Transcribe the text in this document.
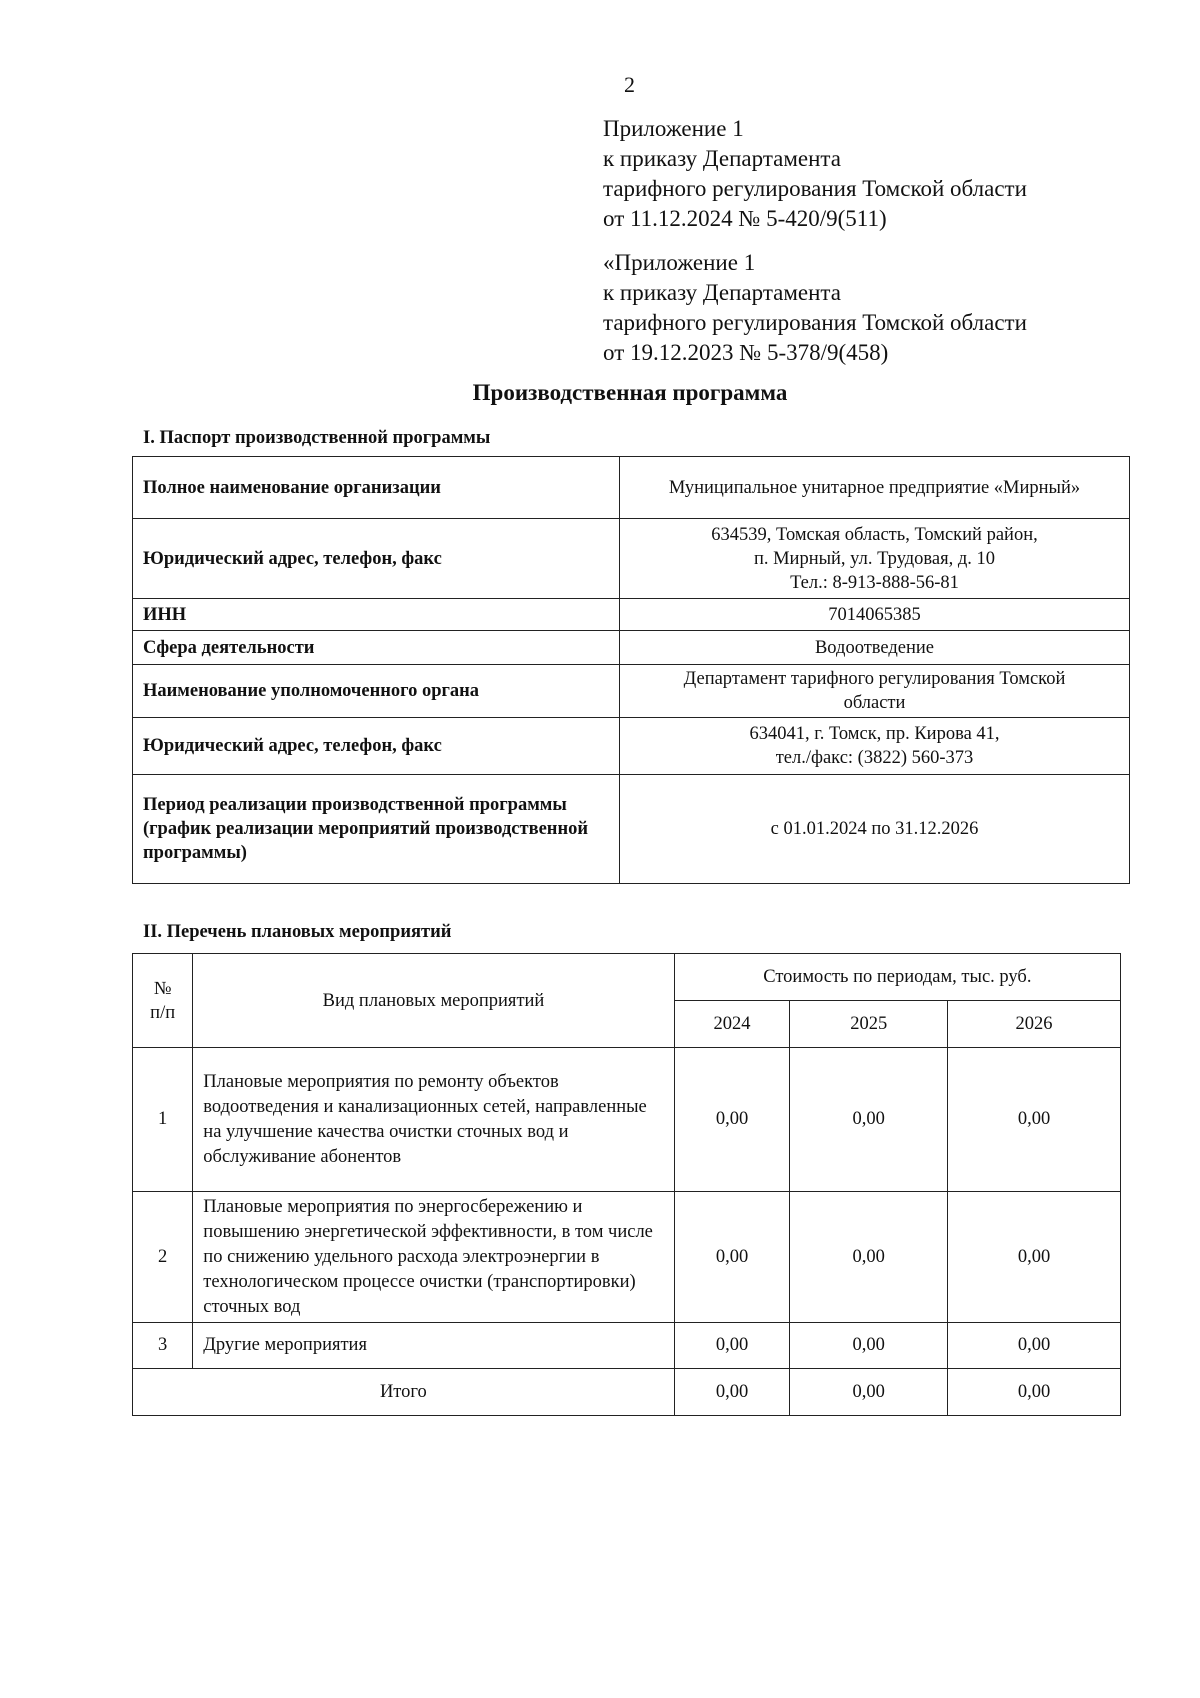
2
Приложение 1
к приказу Департамента
тарифного регулирования Томской области
от 11.12.2024 № 5-420/9(511)
«Приложение 1
к приказу Департамента
тарифного регулирования Томской области
от 19.12.2023 № 5-378/9(458)
Производственная программа
I. Паспорт производственной программы
Полное наименование организации	Муниципальное унитарное предприятие «Мирный»

Юридический адрес, телефон, факс	634539, Томская область, Томский район,
п. Мирный, ул. Трудовая, д. 10
Тел.: 8-913-888-56-81

ИНН	7014065385

Сфера деятельности	Водоотведение

Наименование уполномоченного органа	Департамент тарифного регулирования Томской
области

Юридический адрес, телефон, факс	634041, г. Томск, пр. Кирова 41,
тел./факс: (3822) 560-373

Период реализации производственной программы (график реализации мероприятий производственной программы)	с 01.01.2024 по 31.12.2026
II. Перечень плановых мероприятий
№ п/п	Вид плановых мероприятий	Стоимость по периодам, тыс. руб.		
		2024	2025	2026
1	Плановые мероприятия по ремонту объектов водоотведения и канализационных сетей, направленные на улучшение качества очистки сточных вод и обслуживание абонентов	0,00	0,00	0,00
2	Плановые мероприятия по энергосбережению и повышению энергетической эффективности, в том числе по снижению удельного расхода электроэнергии в технологическом процессе очистки (транспортировки) сточных вод	0,00	0,00	0,00
3	Другие мероприятия	0,00	0,00	0,00
Итого		0,00	0,00	0,00
